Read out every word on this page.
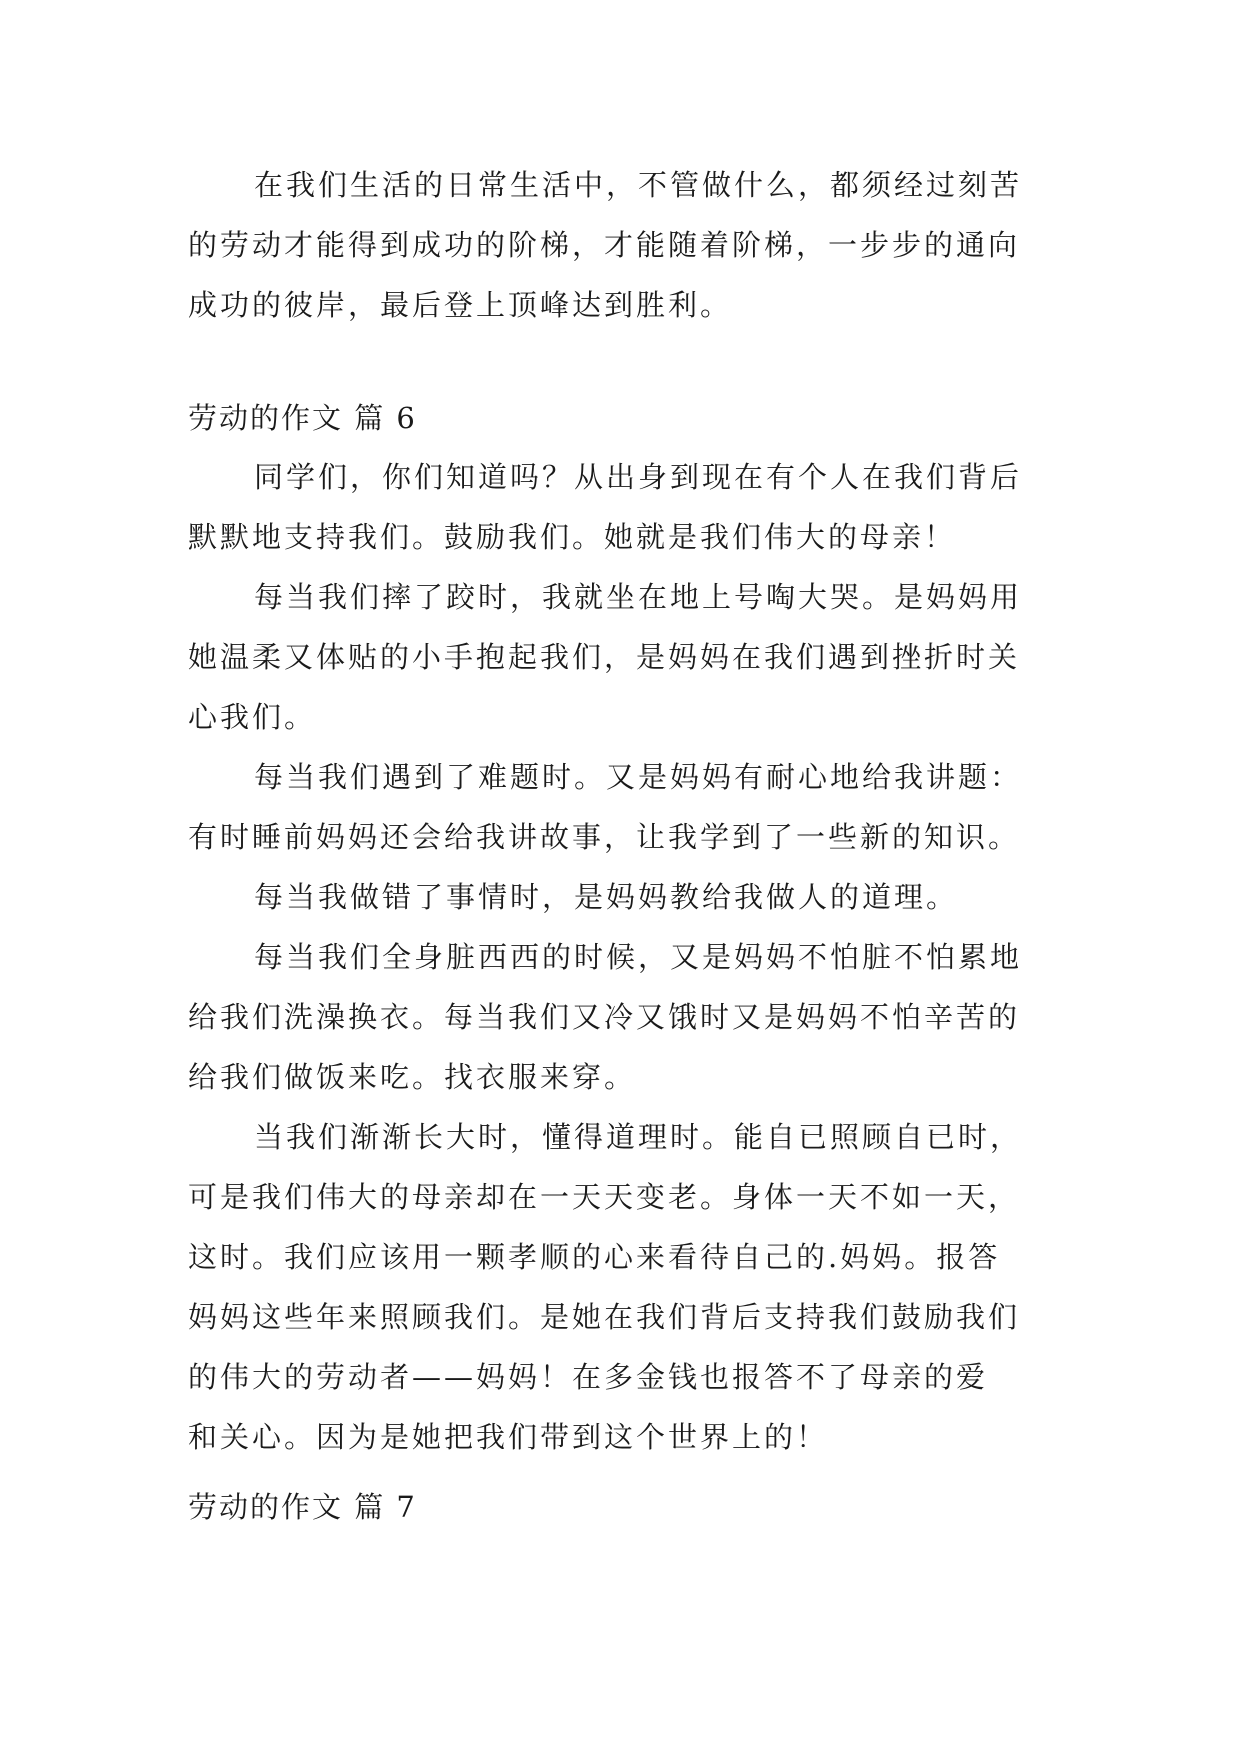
在我们生活的日常生活中，不管做什么，都须经过刻苦
的劳动才能得到成功的阶梯，才能随着阶梯，一步步的通向
成功的彼岸，最后登上顶峰达到胜利。
劳动的作文 篇 6
同学们，你们知道吗？从出身到现在有个人在我们背后
默默地支持我们。鼓励我们。她就是我们伟大的母亲！
每当我们摔了跤时，我就坐在地上号啕大哭。是妈妈用
她温柔又体贴的小手抱起我们，是妈妈在我们遇到挫折时关
心我们。
每当我们遇到了难题时。又是妈妈有耐心地给我讲题：
有时睡前妈妈还会给我讲故事，让我学到了一些新的知识。
每当我做错了事情时，是妈妈教给我做人的道理。
每当我们全身脏西西的时候，又是妈妈不怕脏不怕累地
给我们洗澡换衣。每当我们又冷又饿时又是妈妈不怕辛苦的
给我们做饭来吃。找衣服来穿。
当我们渐渐长大时，懂得道理时。能自已照顾自已时，
可是我们伟大的母亲却在一天天变老。身体一天不如一天，
这时。我们应该用一颗孝顺的心来看待自己的.妈妈。报答
妈妈这些年来照顾我们。是她在我们背后支持我们鼓励我们
的伟大的劳动者——妈妈！在多金钱也报答不了母亲的爱
和关心。因为是她把我们带到这个世界上的！
劳动的作文 篇 7
